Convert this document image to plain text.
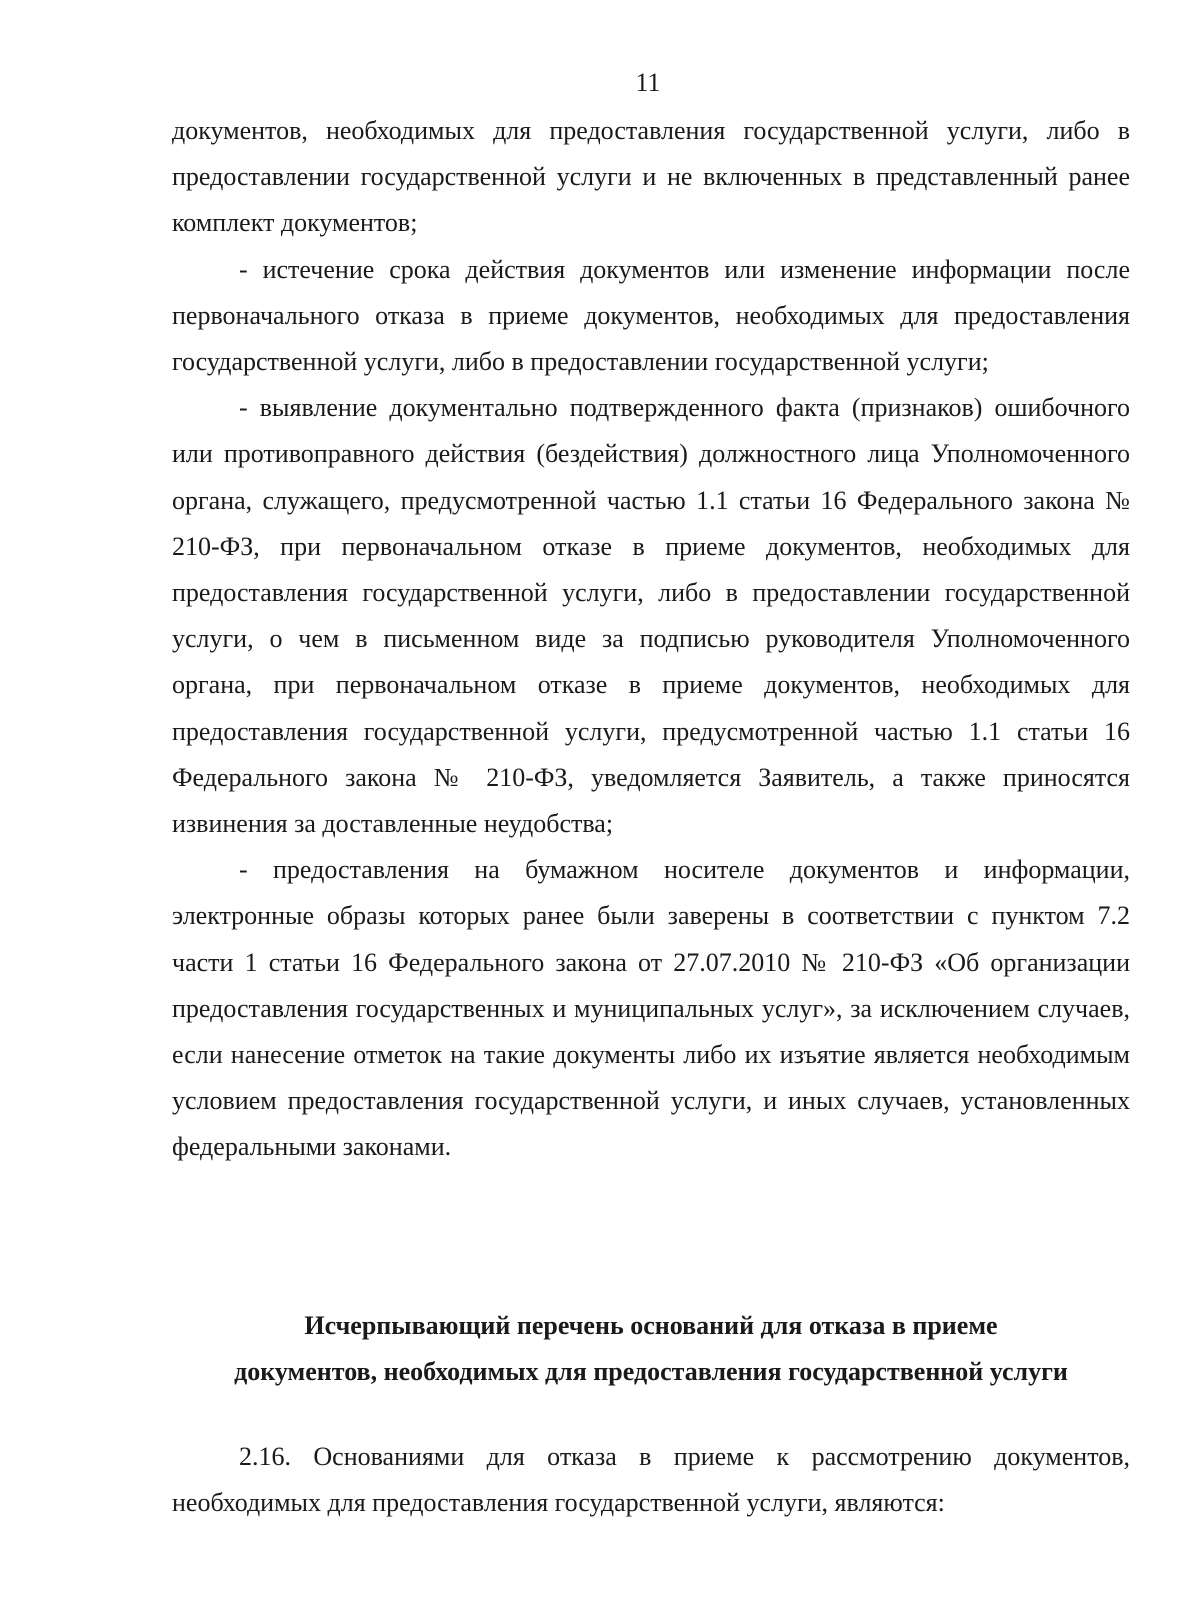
11

документов, необходимых для предоставления государственной услуги, либо в предоставлении государственной услуги и не включенных в представленный ранее комплект документов;

- истечение срока действия документов или изменение информации после первоначального отказа в приеме документов, необходимых для предоставления государственной услуги, либо в предоставлении государственной услуги;

- выявление документально подтвержденного факта (признаков) ошибочного или противоправного действия (бездействия) должностного лица Уполномоченного органа, служащего, предусмотренной частью 1.1 статьи 16 Федерального закона № 210-ФЗ, при первоначальном отказе в приеме документов, необходимых для предоставления государственной услуги, либо в предоставлении государственной услуги, о чем в письменном виде за подписью руководителя Уполномоченного органа, при первоначальном отказе в приеме документов, необходимых для предоставления государственной услуги, предусмотренной частью 1.1 статьи 16 Федерального закона № 210-ФЗ, уведомляется Заявитель, а также приносятся извинения за доставленные неудобства;

- предоставления на бумажном носителе документов и информации, электронные образы которых ранее были заверены в соответствии с пунктом 7.2 части 1 статьи 16 Федерального закона от 27.07.2010 № 210-ФЗ «Об организации предоставления государственных и муниципальных услуг», за исключением случаев, если нанесение отметок на такие документы либо их изъятие является необходимым условием предоставления государственной услуги, и иных случаев, установленных федеральными законами.

Исчерпывающий перечень оснований для отказа в приеме

документов, необходимых для предоставления государственной услуги

2.16. Основаниями для отказа в приеме к рассмотрению документов, необходимых для предоставления государственной услуги, являются:
